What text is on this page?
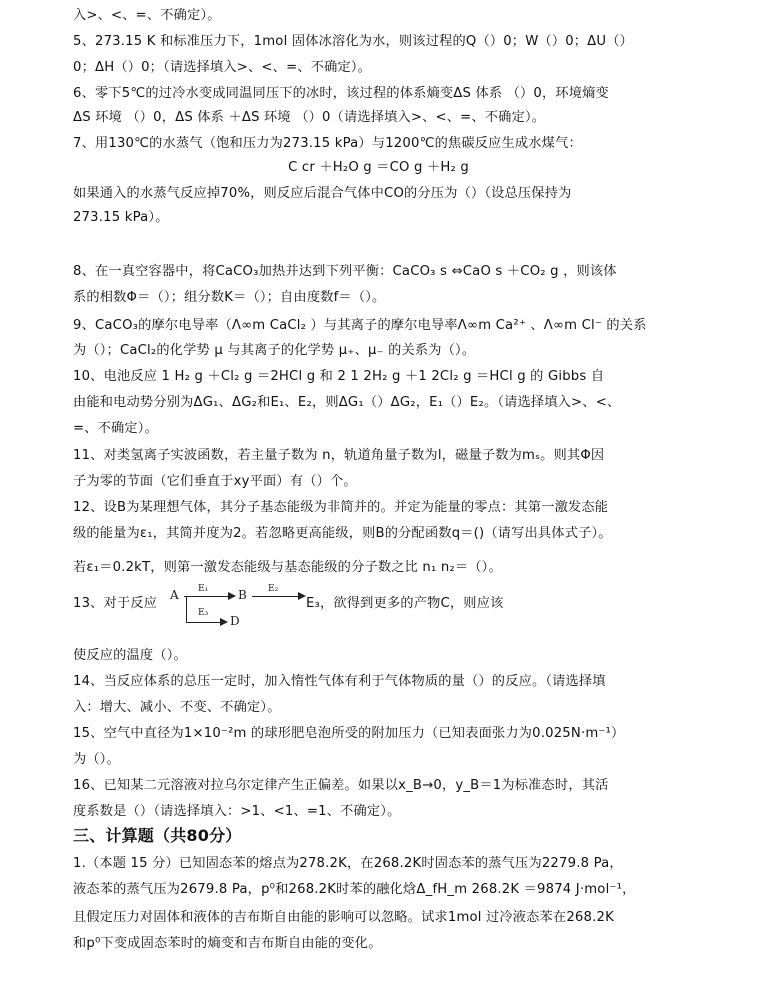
入>、<、=、不确定）。
5、273.15 K 和标准压力下，1mol 固体冰溶化为水，则该过程的Q（）0；W（）0；ΔU（）
0；ΔH（）0；（请选择填入>、<、=、不确定）。
6、零下5℃的过冷水变成同温同压下的冰时，该过程的体系熵变ΔS 体系 （）0，环境熵变
ΔS 环境 （）0，ΔS 体系 ＋ΔS 环境 （）0（请选择填入>、<、=、不确定）。
7、用130℃的水蒸气（饱和压力为273.15 kPa）与1200℃的焦碳反应生成水煤气：
C cr ＋H₂O g ＝CO g ＋H₂ g
如果通入的水蒸气反应掉70%，则反应后混合气体中CO的分压为（）（设总压保持为
273.15 kPa）。
8、在一真空容器中，将CaCO₃加热并达到下列平衡：CaCO₃ s ⇔CaO s ＋CO₂ g ，则该体
系的相数Φ＝（）；组分数K＝（）；自由度数f＝（）。
9、CaCO₃的摩尔电导率（Λ∞m CaCl₂ ）与其离子的摩尔电导率Λ∞m Ca²⁺ 、Λ∞m Cl⁻ 的关系
为（）；CaCl₂的化学势 μ 与其离子的化学势 μ₊、μ₋ 的关系为（）。
10、电池反应 1 H₂ g ＋Cl₂ g ＝2HCl g 和 2 1 2H₂ g ＋1 2Cl₂ g ＝HCl g 的 Gibbs 自
由能和电动势分别为ΔG₁、ΔG₂和E₁、E₂，则ΔG₁（）ΔG₂，E₁（）E₂。（请选择填入>、<、
=、不确定）。
11、对类氢离子实波函数，若主量子数为 n，轨道角量子数为l，磁量子数为mₛ。则其Φ因
子为零的节面（它们垂直于xy平面）有（）个。
12、设B为某理想气体，其分子基态能级为非简并的。并定为能量的零点：其第一激发态能
级的能量为ε₁，其简并度为2。若忽略更高能级，则B的分配函数q＝()（请写出具体式子）。
若ε₁＝0.2kT，则第一激发态能级与基态能级的分子数之比 n₁ n₂＝（）。
13、对于反应
A E₁ B E₂
E₃
D
E₃，欲得到更多的产物C，则应该
使反应的温度（）。
14、当反应体系的总压一定时，加入惰性气体有利于气体物质的量（）的反应。（请选择填
入：增大、减小、不变、不确定）。
15、空气中直径为1×10⁻²m 的球形肥皂泡所受的附加压力（已知表面张力为0.025N·m⁻¹）
为（）。
16、已知某二元溶液对拉乌尔定律产生正偏差。如果以x_B→0，y_B＝1为标准态时，其活
度系数是（）（请选择填入：>1、<1、=1、不确定）。
三、计算题（共80分）
1.（本题 15 分）已知固态苯的熔点为278.2K，在268.2K时固态苯的蒸气压为2279.8 Pa，
液态苯的蒸气压为2679.8 Pa，p⁰和268.2K时苯的融化焓Δ_fH_m 268.2K ＝9874 J·mol⁻¹，
且假定压力对固体和液体的吉布斯自由能的影响可以忽略。试求1mol 过冷液态苯在268.2K
和p⁰下变成固态苯时的熵变和吉布斯自由能的变化。
